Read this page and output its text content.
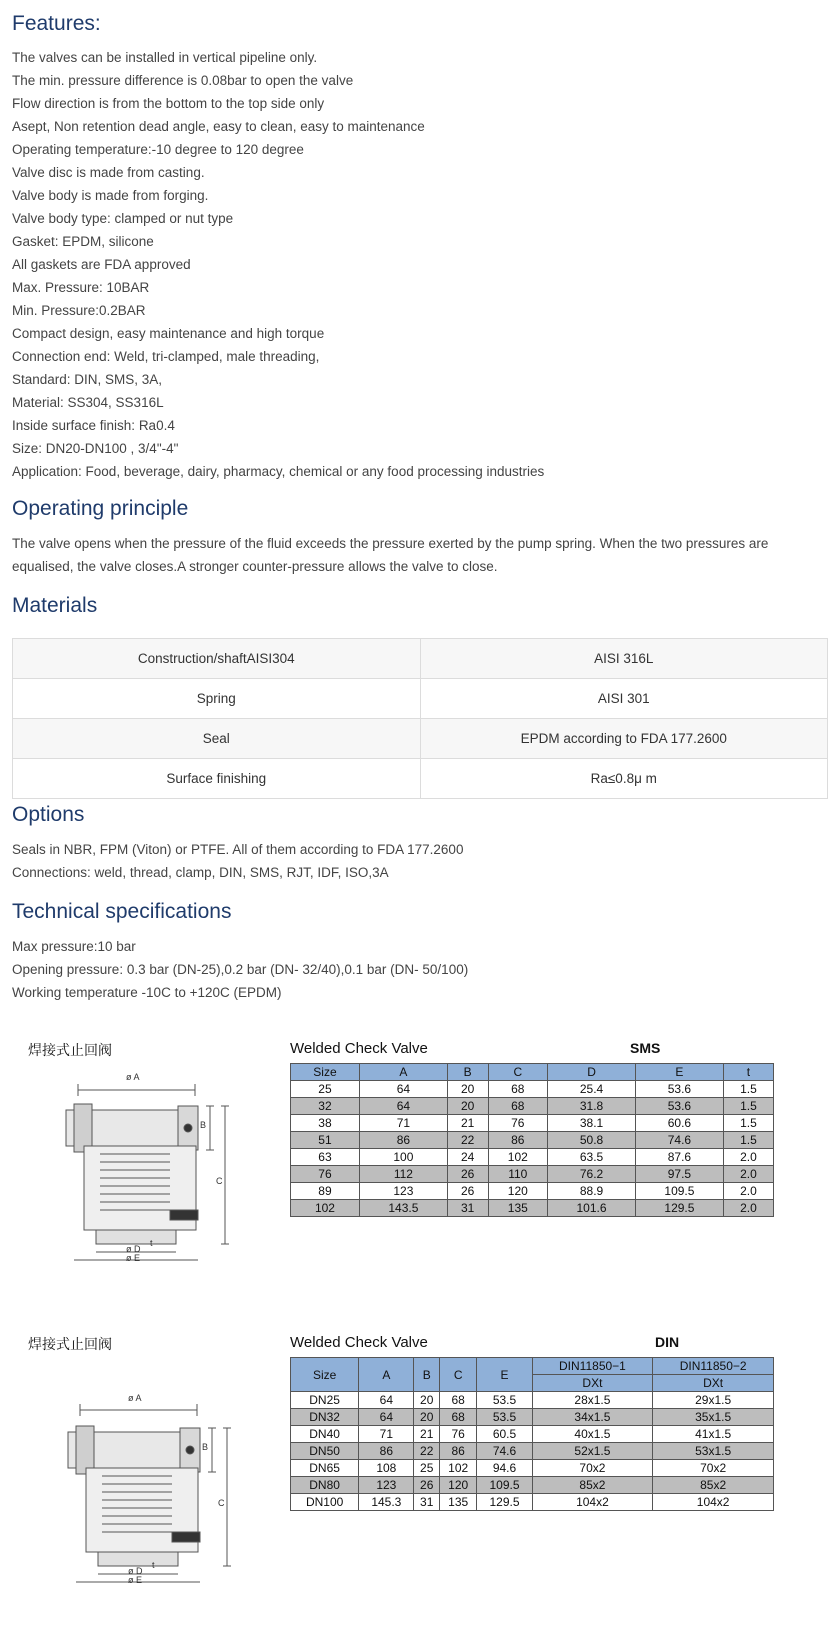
Features:
The valves can be installed in vertical pipeline only.
The min. pressure difference is 0.08bar to open the valve
Flow direction is from the bottom to the top side only
Asept, Non retention dead angle, easy to clean, easy to maintenance
Operating temperature:-10 degree to 120 degree
Valve disc is made from casting.
Valve body is made from forging.
Valve body type: clamped or nut type
Gasket: EPDM, silicone
All gaskets are FDA approved
Max. Pressure: 10BAR
Min. Pressure:0.2BAR
Compact design, easy maintenance and high torque
Connection end: Weld, tri-clamped, male threading,
Standard: DIN, SMS, 3A,
Material: SS304, SS316L
Inside surface finish: Ra0.4
Size: DN20-DN100 , 3/4"-4"
Application: Food, beverage, dairy, pharmacy, chemical or any food processing industries
Operating principle
The valve opens when the pressure of the fluid exceeds the pressure exerted by the pump spring. When the two pressures are equalised, the valve closes.A stronger counter-pressure allows the valve to close.
Materials
Construction/shaftAISI304	AISI 316L
Spring	AISI 301
Seal	EPDM according to FDA 177.2600
Surface finishing	Ra≤0.8μ m
Options
Seals in NBR, FPM (Viton) or PTFE. All of them according to FDA 177.2600
Connections: weld, thread, clamp, DIN, SMS, RJT, IDF, ISO,3A
Technical specifications
Max pressure:10 bar
Opening pressure: 0.3 bar (DN-25),0.2 bar (DN- 32/40),0.1 bar (DN- 50/100)
Working temperature -10C to +120C (EPDM)
焊接式止回阀	Welded Check Valve	SMS
Size	A	B	C	D	E	t
25	64	20	68	25.4	53.6	1.5
32	64	20	68	31.8	53.6	1.5
38	71	21	76	38.1	60.6	1.5
51	86	22	86	50.8	74.6	1.5
63	100	24	102	63.5	87.6	2.0
76	112	26	110	76.2	97.5	2.0
89	123	26	120	88.9	109.5	2.0
102	143.5	31	135	101.6	129.5	2.0
ø A
B
C
ø D
t
ø E
焊接式止回阀	Welded Check Valve	DIN
Size	A	B	C	E	DIN11850−1	DIN11850−2
					DXt	DXt
DN25	64	20	68	53.5	28x1.5	29x1.5
DN32	64	20	68	53.5	34x1.5	35x1.5
DN40	71	21	76	60.5	40x1.5	41x1.5
DN50	86	22	86	74.6	52x1.5	53x1.5
DN65	108	25	102	94.6	70x2	70x2
DN80	123	26	120	109.5	85x2	85x2
DN100	145.3	31	135	129.5	104x2	104x2
ø A
B
C
ø D
t
ø E
